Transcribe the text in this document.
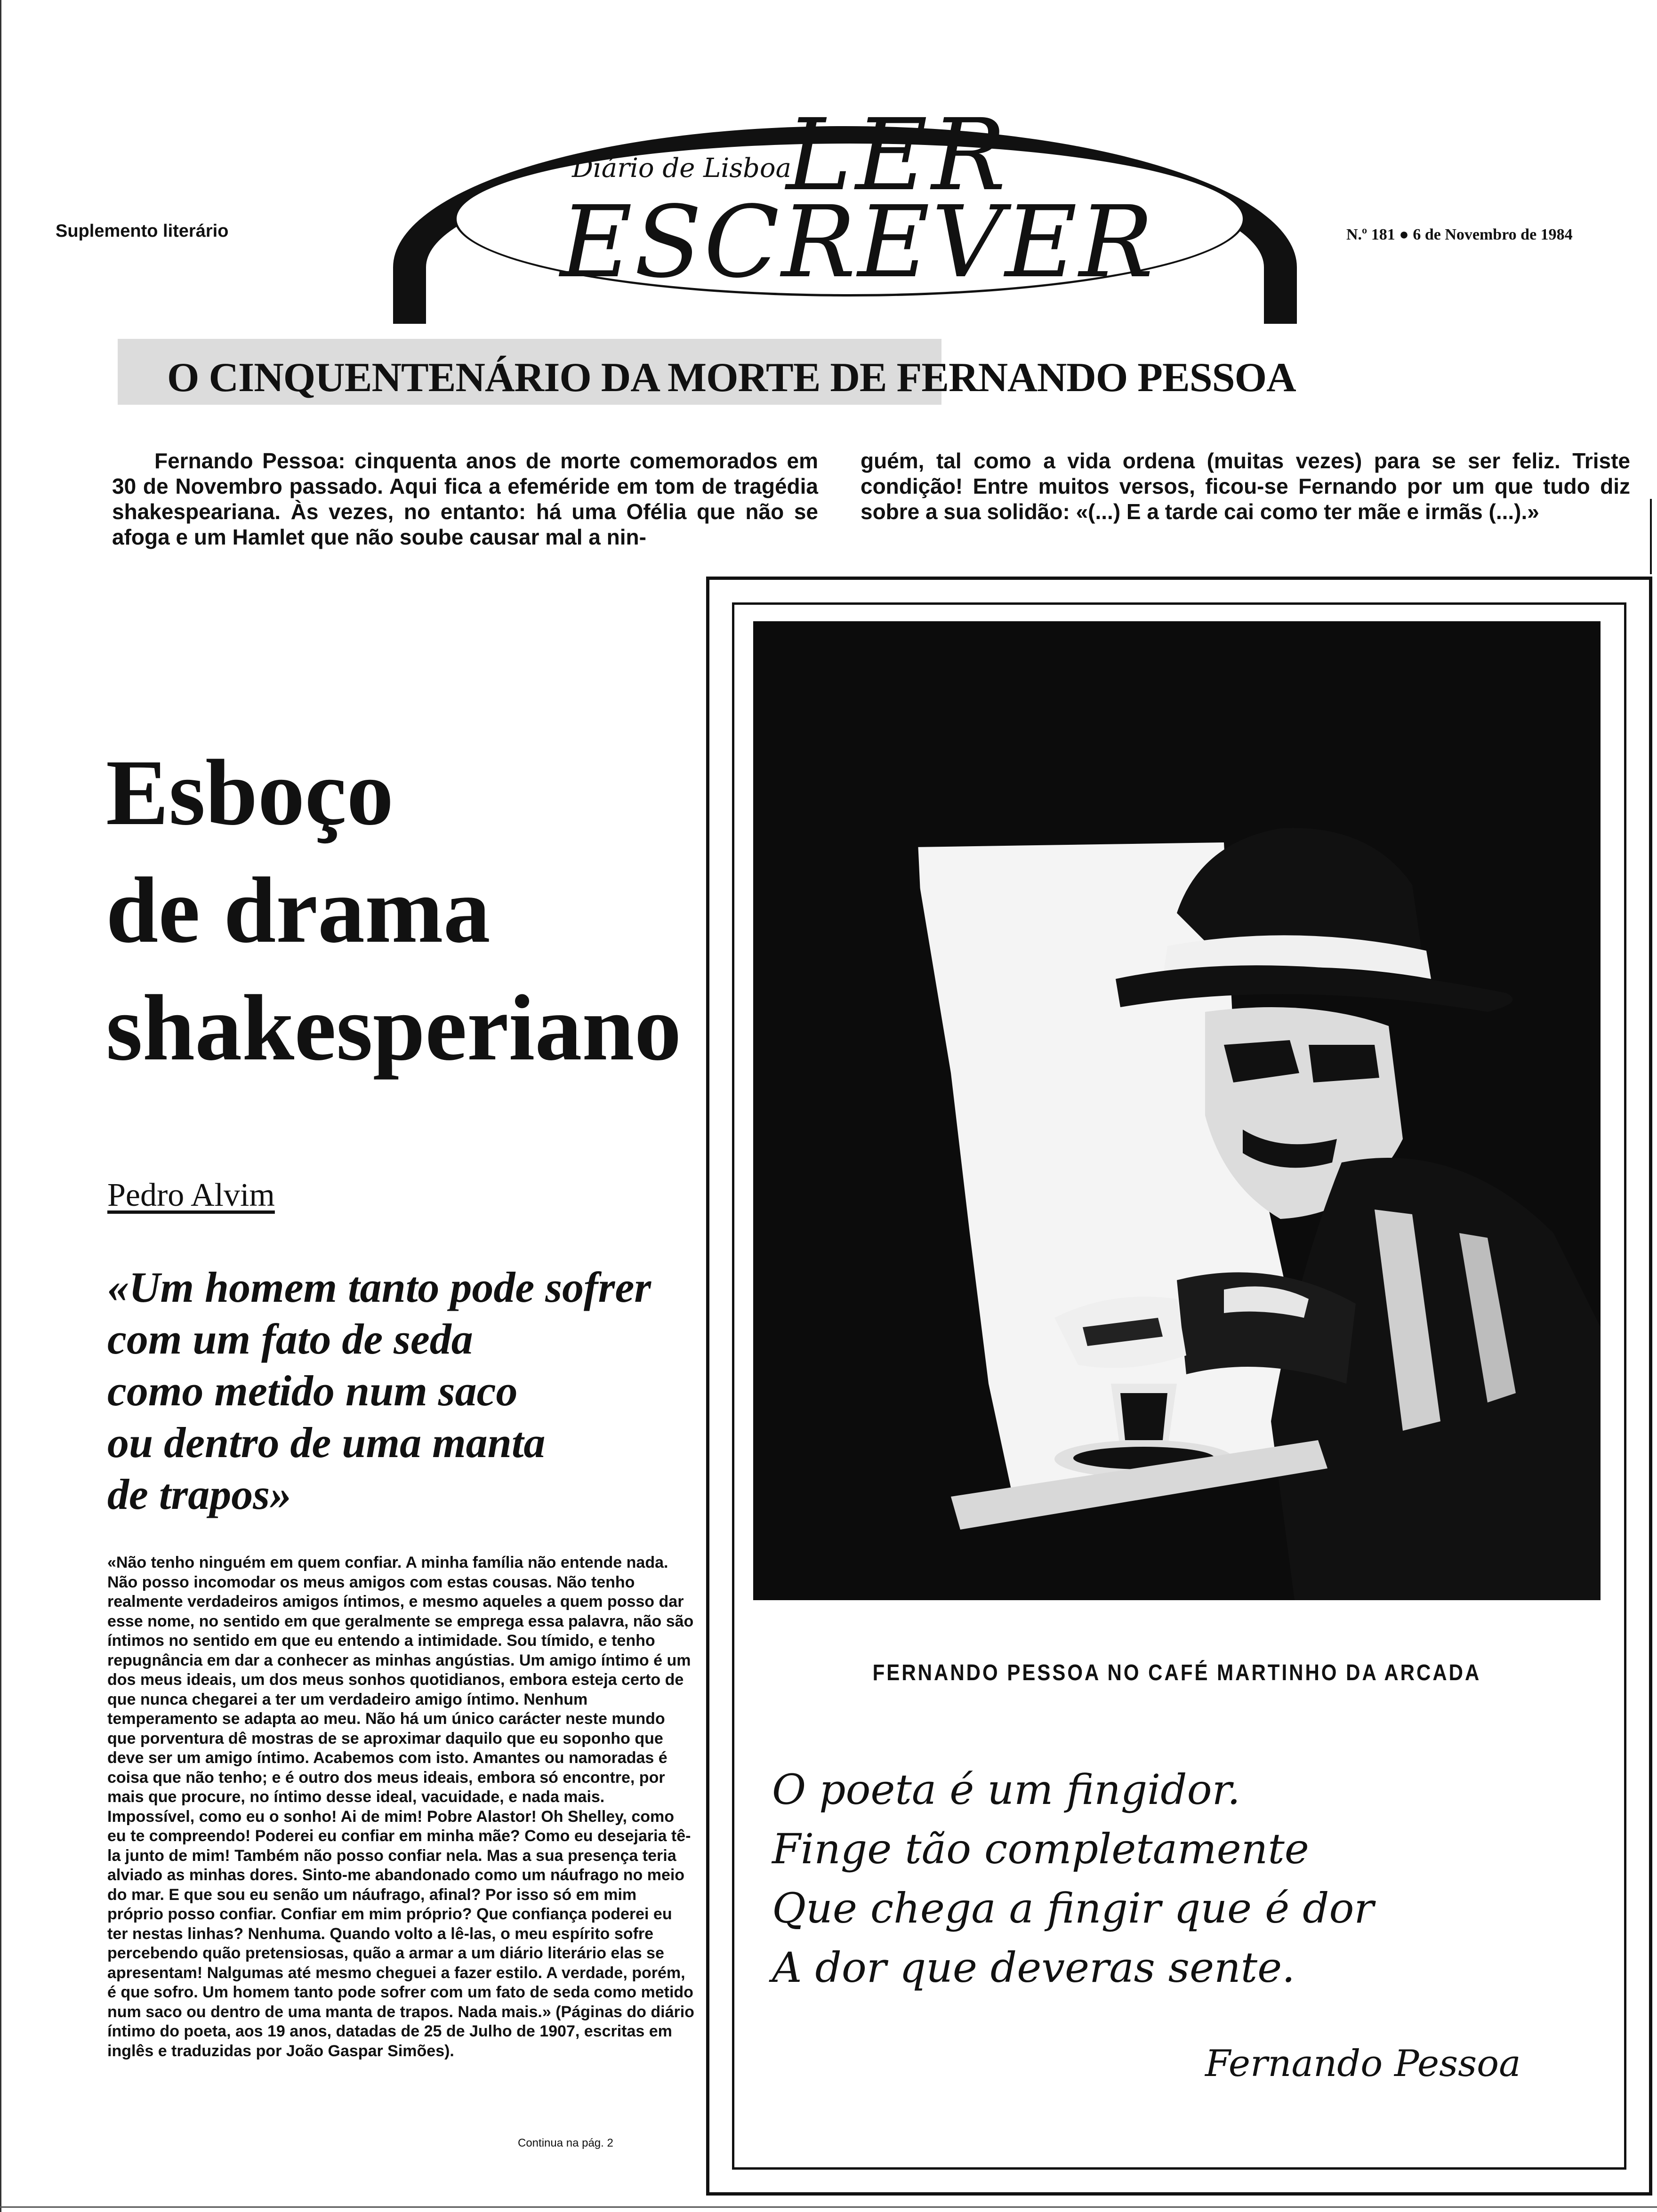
Diário de Lisboa
LER
ESCREVER
Suplemento literário	N.º 181 ● 6 de Novembro de 1984
O CINQUENTENÁRIO DA MORTE DE FERNANDO PESSOA
Fernando Pessoa: cinquenta anos de morte comemorados em 30 de Novembro passado. Aqui fica a efeméride em tom de tragédia shakespeariana. Às vezes, no entanto: há uma Ofélia que não se afoga e um Hamlet que não soube causar mal a nin-
guém, tal como a vida ordena (muitas vezes) para se ser feliz. Triste condição! Entre muitos versos, ficou-se Fernando por um que tudo diz sobre a sua solidão: «(...) E a tarde cai como ter mãe e irmãs (...).»
FERNANDO PESSOA NO CAFÉ MARTINHO DA ARCADA
O poeta é um fingidor.
Finge tão completamente
Que chega a fingir que é dor
A dor que deveras sente.
Fernando Pessoa
Esboço
de drama
shakesperiano
Pedro Alvim
«Um homem tanto pode sofrer
com um fato de seda
como metido num saco
ou dentro de uma manta
de trapos»
«Não tenho ninguém em quem confiar. A minha família não entende nada. Não posso incomodar os meus amigos com estas cousas. Não tenho realmente verdadeiros amigos íntimos, e mesmo aqueles a quem posso dar esse nome, no sentido em que geralmente se emprega essa palavra, não são íntimos no sentido em que eu entendo a intimidade. Sou tímido, e tenho repugnância em dar a conhecer as minhas angústias. Um amigo íntimo é um dos meus ideais, um dos meus sonhos quotidianos, embora esteja certo de que nunca chegarei a ter um verdadeiro amigo íntimo. Nenhum temperamento se adapta ao meu. Não há um único carácter neste mundo que porventura dê mostras de se aproximar daquilo que eu soponho que deve ser um amigo íntimo. Acabemos com isto. Amantes ou namoradas é coisa que não tenho; e é outro dos meus ideais, embora só encontre, por mais que procure, no íntimo desse ideal, vacuidade, e nada mais. Impossível, como eu o sonho! Ai de mim! Pobre Alastor! Oh Shelley, como eu te compreendo! Poderei eu confiar em minha mãe? Como eu desejaria tê-la junto de mim! Também não posso confiar nela. Mas a sua presença teria alviado as minhas dores. Sinto-me abandonado como um náufrago no meio do mar. E que sou eu senão um náufrago, afinal? Por isso só em mim próprio posso confiar. Confiar em mim próprio? Que confiança poderei eu ter nestas linhas? Nenhuma. Quando volto a lê-las, o meu espírito sofre percebendo quão pretensiosas, quão a armar a um diário literário elas se apresentam! Nalgumas até mesmo cheguei a fazer estilo. A verdade, porém, é que sofro. Um homem tanto pode sofrer com um fato de seda como metido num saco ou dentro de uma manta de trapos. Nada mais.» (Páginas do diário íntimo do poeta, aos 19 anos, datadas de 25 de Julho de 1907, escritas em inglês e traduzidas por João Gaspar Simões).
Continua na pág. 2
